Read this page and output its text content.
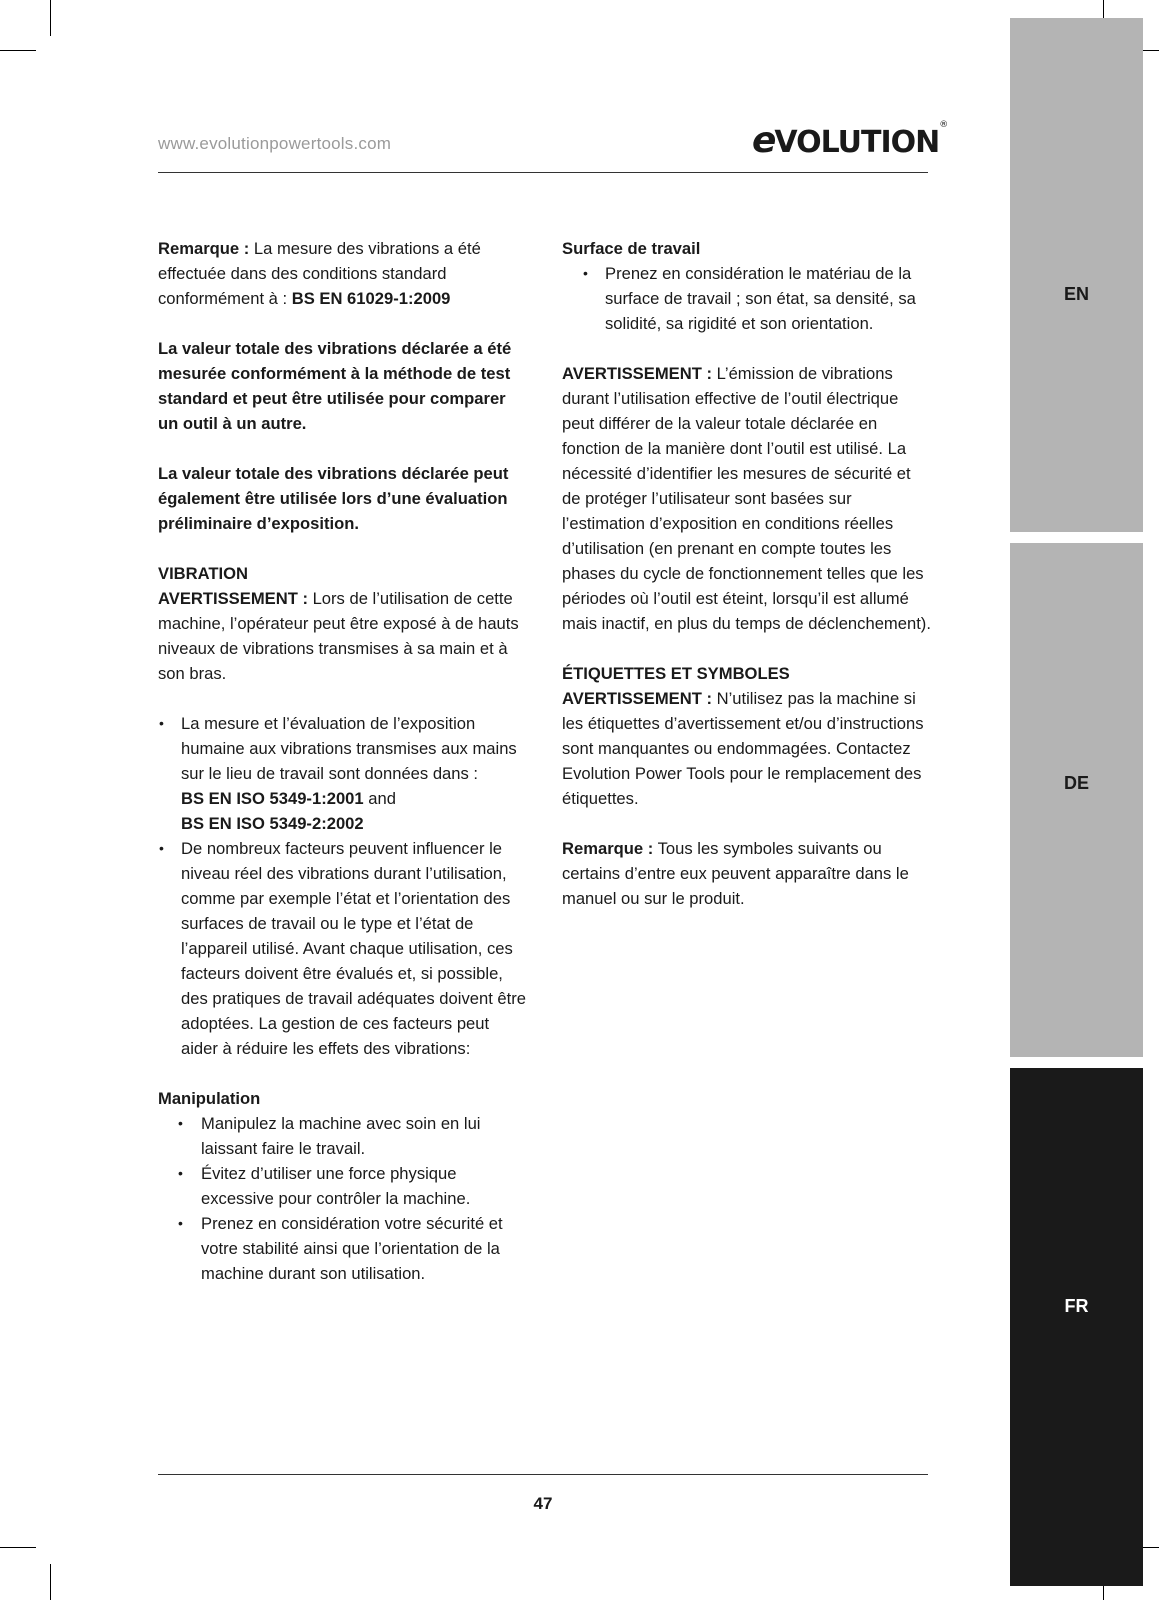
www.evolutionpowertools.com	eVOLUTION®

Remarque : La mesure des vibrations a été effectuée dans des conditions standard conformément à : BS EN 61029-1:2009

La valeur totale des vibrations déclarée a été mesurée conformément à la méthode de test standard et peut être utilisée pour comparer un outil à un autre.

La valeur totale des vibrations déclarée peut également être utilisée lors d’une évaluation préliminaire d’exposition.

VIBRATION

AVERTISSEMENT : Lors de l’utilisation de cette machine, l’opérateur peut être exposé à de hauts niveaux de vibrations transmises à sa main et à son bras.

• La mesure et l’évaluation de l’exposition humaine aux vibrations transmises aux mains sur le lieu de travail sont données dans :
BS EN ISO 5349-1:2001 and
BS EN ISO 5349-2:2002
• De nombreux facteurs peuvent influencer le niveau réel des vibrations durant l’utilisation, comme par exemple l’état et l’orientation des surfaces de travail ou le type et l’état de l’appareil utilisé. Avant chaque utilisation, ces facteurs doivent être évalués et, si possible, des pratiques de travail adéquates doivent être adoptées. La gestion de ces facteurs peut aider à réduire les effets des vibrations:
Manipulation
• Manipulez la machine avec soin en lui laissant faire le travail.
• Évitez d’utiliser une force physique excessive pour contrôler la machine.
• Prenez en considération votre sécurité et votre stabilité ainsi que l’orientation de la machine durant son utilisation.
Surface de travail
• Prenez en considération le matériau de la surface de travail ; son état, sa densité, sa solidité, sa rigidité et son orientation.

AVERTISSEMENT : L’émission de vibrations durant l’utilisation effective de l’outil électrique peut différer de la valeur totale déclarée en fonction de la manière dont l’outil est utilisé. La nécessité d’identifier les mesures de sécurité et de protéger l’utilisateur sont basées sur l’estimation d’exposition en conditions réelles d’utilisation (en prenant en compte toutes les phases du cycle de fonctionnement telles que les périodes où l’outil est éteint, lorsqu’il est allumé mais inactif, en plus du temps de déclenchement).

ÉTIQUETTES ET SYMBOLES

AVERTISSEMENT : N’utilisez pas la machine si les étiquettes d’avertissement et/ou d’instructions sont manquantes ou endommagées. Contactez Evolution Power Tools pour le remplacement des étiquettes.

Remarque : Tous les symboles suivants ou certains d’entre eux peuvent apparaître dans le manuel ou sur le produit.

EN
DE
FR
47
